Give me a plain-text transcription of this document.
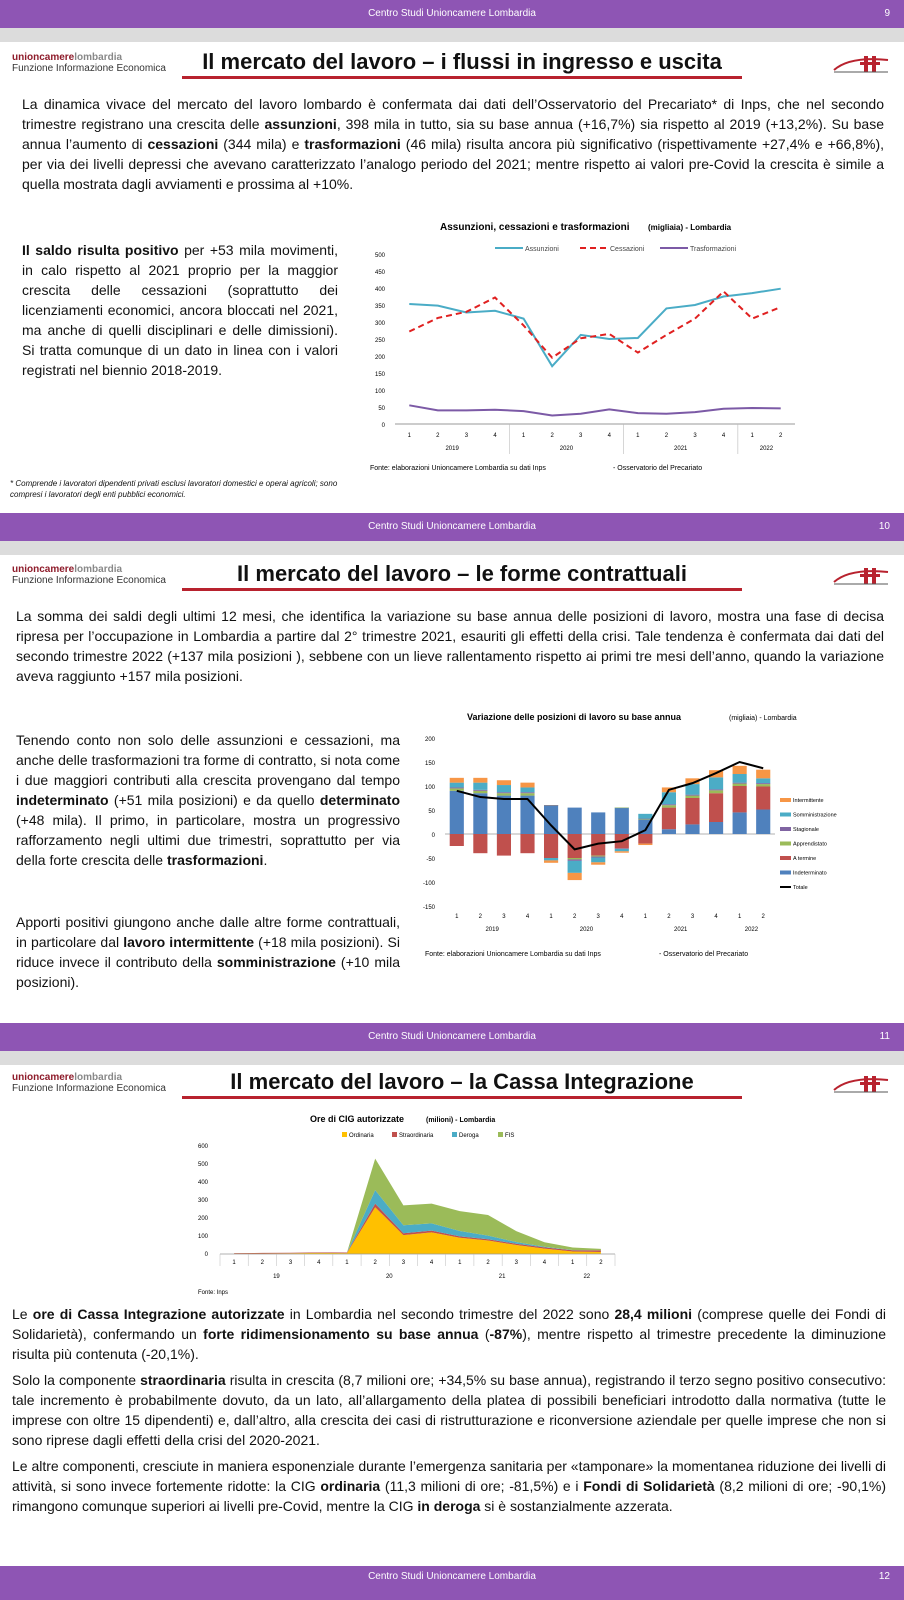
Centro Studi Unioncamere Lombardia	9
unioncamerelombardia
Funzione Informazione Economica	Il mercato del lavoro – i flussi in ingresso e uscita
La dinamica vivace del mercato del lavoro lombardo è confermata dai dati dell’Osservatorio del Precariato* di Inps, che nel secondo trimestre registrano una crescita delle assunzioni, 398 mila in tutto, sia su base annua (+16,7%) sia rispetto al 2019 (+13,2%). Su base annua l’aumento di cessazioni (344 mila) e trasformazioni (46 mila) risulta ancora più significativo (rispettivamente +27,4% e +66,8%), per via dei livelli depressi che avevano caratterizzato l’analogo periodo del 2021; mentre rispetto ai valori pre-Covid la crescita è simile a quella mostrata dagli avviamenti e prossima al +10%.
Il saldo risulta positivo per +53 mila movimenti, in calo rispetto al 2021 proprio per la maggior crescita delle cessazioni (soprattutto dei licenziamenti economici, ancora bloccati nel 2021, ma anche di quelli disciplinari e delle dimissioni). Si tratta comunque di un dato in linea con i valori registrati nel biennio 2018-2019.
* Comprende i lavoratori dipendenti privati esclusi lavoratori domestici e operai agricoli; sono compresi i lavoratori degli enti pubblici economici.
Assunzioni, cessazioni e trasformazioni (migliaia) - Lombardia
Assunzioni	Cessazioni	Trasformazioni
0
50
100
150
200
250
300
350
400
450
500
1	2	3	4	1	2	3	4	1	2	3	4	1	2
2019	2020	2021	2022
Fonte: elaborazioni Unioncamere Lombardia su dati Inps	- Osservatorio del Precariato
Centro Studi Unioncamere Lombardia	10
unioncamerelombardia
Funzione Informazione Economica	Il mercato del lavoro – le forme contrattuali
La somma dei saldi degli ultimi 12 mesi, che identifica la variazione su base annua delle posizioni di lavoro, mostra una fase di decisa ripresa per l’occupazione in Lombardia a partire dal 2° trimestre 2021, esauriti gli effetti della crisi. Tale tendenza è confermata dai dati del secondo trimestre 2022 (+137 mila posizioni ), sebbene con un lieve rallentamento rispetto ai primi tre mesi dell’anno, quando la variazione aveva raggiunto +157 mila posizioni.
Tenendo conto non solo delle assunzioni e cessazioni, ma anche delle trasformazioni tra forme di contratto, si nota come i due maggiori contributi alla crescita provengano dal tempo indeterminato (+51 mila posizioni) e da quello determinato (+48 mila). Il primo, in particolare, mostra un progressivo rafforzamento negli ultimi due trimestri, soprattutto per via della forte crescita delle trasformazioni.
Apporti positivi giungono anche dalle altre forme contrattuali, in particolare dal lavoro intermittente (+18 mila posizioni). Si riduce invece il contributo della somministrazione (+10 mila posizioni).
Variazione delle posizioni di lavoro su base annua	(migliaia) - Lombardia
-150
-100
-50
0
50
100
150
200
1	2	3	4	1	2	3	4	1	2	3	4	1	2
2019	2020	2021	2022
Intermittente
Somministrazione
Stagionale
Apprendistato
A termine
Indeterminato
Totale
Fonte: elaborazioni Unioncamere Lombardia su dati Inps	- Osservatorio del Precariato
Centro Studi Unioncamere Lombardia	11
unioncamerelombardia
Funzione Informazione Economica	Il mercato del lavoro – la Cassa Integrazione
Ore di CIG autorizzate	(milioni) - Lombardia
Ordinaria	Straordinaria	Deroga	FIS
0
100
200
300
400
500
600
1	2	3	4	1	2	3	4	1	2	3	4	1	2
19	20	21	22
Fonte: Inps
Le ore di Cassa Integrazione autorizzate in Lombardia nel secondo trimestre del 2022 sono 28,4 milioni (comprese quelle dei Fondi di Solidarietà), confermando un forte ridimensionamento su base annua (-87%), mentre rispetto al trimestre precedente la diminuzione risulta più contenuta (-20,1%).
Solo la componente straordinaria risulta in crescita (8,7 milioni ore; +34,5% su base annua), registrando il terzo segno positivo consecutivo: tale incremento è probabilmente dovuto, da un lato, all’allargamento della platea di possibili beneficiari introdotto dalla normativa (tutte le imprese con oltre 15 dipendenti) e, dall’altro, alla crescita dei casi di ristrutturazione e riconversione aziendale per quelle imprese che non si sono riprese dagli effetti della crisi del 2020-2021.
Le altre componenti, cresciute in maniera esponenziale durante l’emergenza sanitaria per «tamponare» la momentanea riduzione dei livelli di attività, si sono invece fortemente ridotte: la CIG ordinaria (11,3 milioni di ore; -81,5%) e i Fondi di Solidarietà (8,2 milioni di ore; -90,1%) rimangono comunque superiori ai livelli pre-Covid, mentre la CIG in deroga si è sostanzialmente azzerata.
Centro Studi Unioncamere Lombardia	12
